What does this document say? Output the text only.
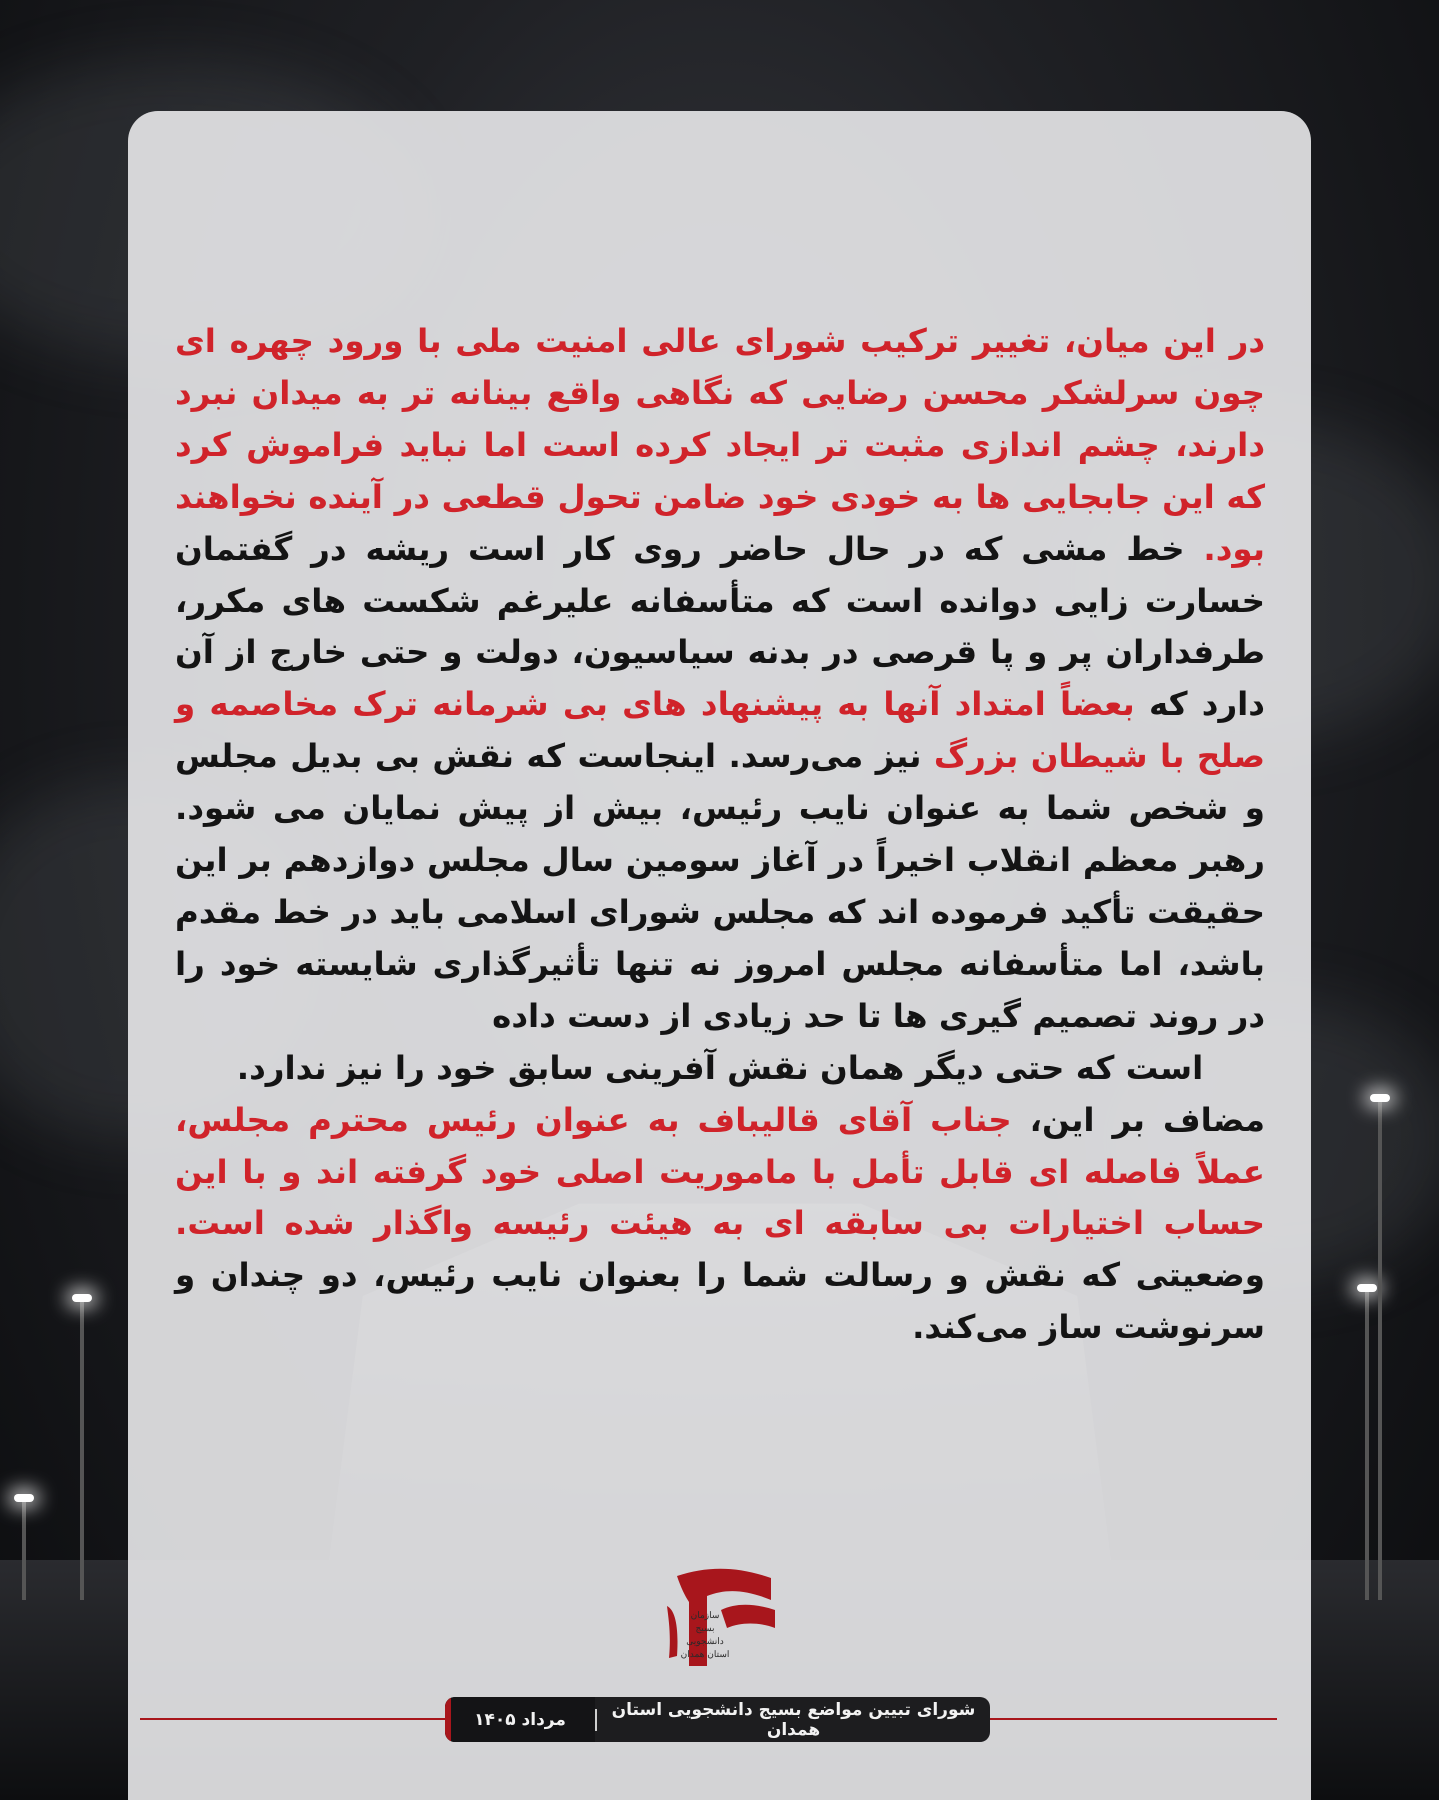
در این میان، تغییر ترکیب شورای عالی امنیت ملی با ورود چهره ای چون سرلشکر محسن رضایی که نگاهی واقع بینانه تر به میدان نبرد دارند، چشم اندازی مثبت تر ایجاد کرده است اما نباید فراموش کرد که این جابجایی ها به خودی خود ضامن تحول قطعی در آینده نخواهند بود. خط مشی که در حال حاضر روی کار است ریشه در گفتمان خسارت زایی دوانده است که متأسفانه علیرغم شکست های مکرر، طرفداران پر و پا قرصی در بدنه سیاسیون، دولت و حتی خارج از آن دارد که بعضاً امتداد آنها به پیشنهاد های بی شرمانه ترک مخاصمه و صلح با شیطان بزرگ نیز می‌رسد. اینجاست که نقش بی بدیل مجلس و شخص شما به عنوان نایب رئیس، بیش از پیش نمایان می شود. رهبر معظم انقلاب اخیراً در آغاز سومین سال مجلس دوازدهم بر این حقیقت تأکید فرموده اند که مجلس شورای اسلامی باید در خط مقدم باشد، اما متأسفانه مجلس امروز نه تنها تأثیرگذاری شایسته خود را در روند تصمیم گیری ها تا حد زیادی از دست داده

است که حتی دیگر همان نقش آفرینی سابق خود را نیز ندارد.

مضاف بر این، جناب آقای قالیباف به عنوان رئیس محترم مجلس، عملاً فاصله ای قابل تأمل با ماموریت اصلی خود گرفته اند و با این حساب اختیارات بی سابقه ای به هیئت رئیسه واگذار شده است. وضعیتی که نقش و رسالت شما را بعنوان نایب رئیس، دو چندان و سرنوشت ساز می‌کند.

سازمان
بسیج دانشجویی
استان همدان
شورای تبیین مواضع بسیج دانشجویی استان همدان
مرداد ۱۴۰۵
